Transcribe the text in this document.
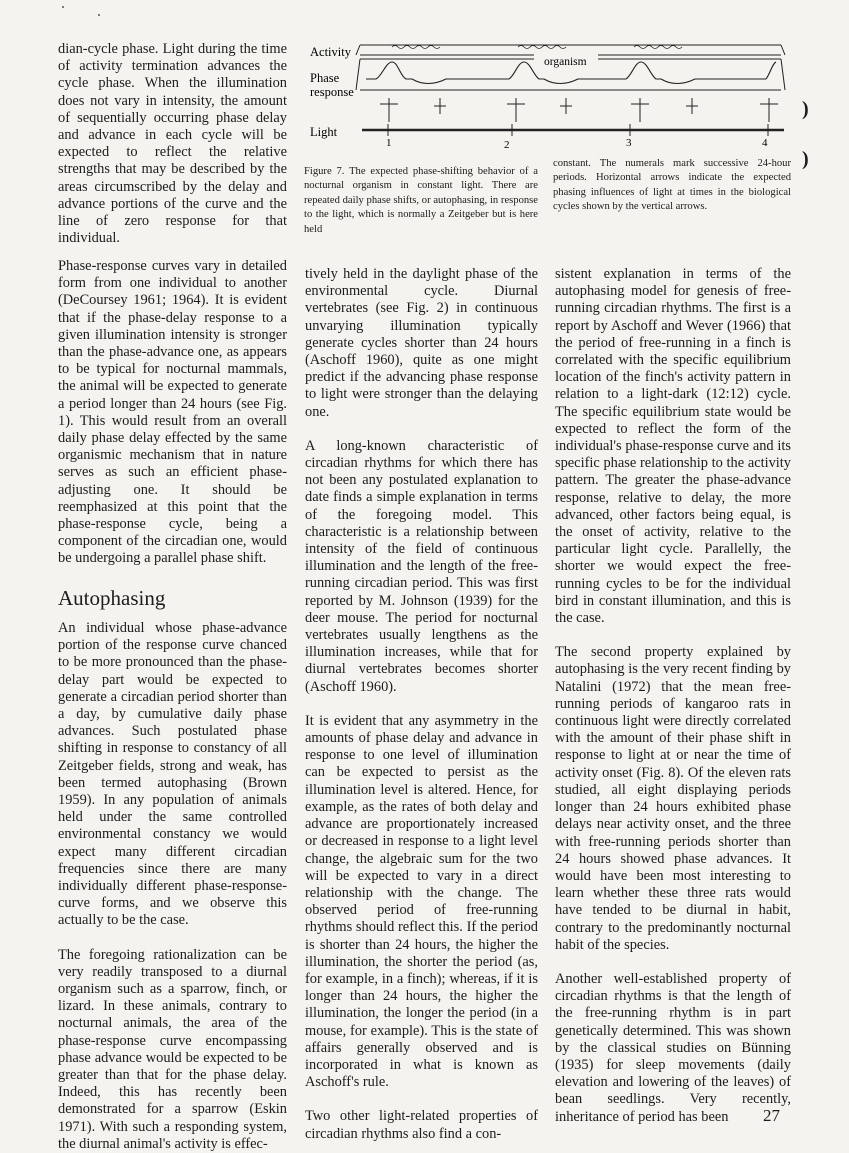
dian-cycle phase. Light during the time of activity termination advances the cycle phase. When the illumination does not vary in intensity, the amount of sequentially occurring phase delay and advance in each cycle will be expected to reflect the relative strengths that may be described by the areas circumscribed by the delay and advance portions of the curve and the line of zero response for that individual.

Activity
Phase
response
Light
organism
1	2	3	4

Figure 7. The expected phase-shifting behavior of a nocturnal organism in constant light. There are repeated daily phase shifts, or autophasing, in response to the light, which is normally a Zeitgeber but is here held

constant. The numerals mark successive 24-hour periods. Horizontal arrows indicate the expected phasing influences of light at times in the biological cycles shown by the vertical arrows.

)
)

Phase-response curves vary in detailed form from one individual to another (DeCoursey 1961; 1964). It is evident that if the phase-delay response to a given illumination intensity is stronger than the phase-advance one, as appears to be typical for nocturnal mammals, the animal will be expected to generate a period longer than 24 hours (see Fig. 1). This would result from an overall daily phase delay effected by the same organismic mechanism that in nature serves as such an efficient phase-adjusting one. It should be reemphasized at this point that the phase-response cycle, being a component of the circadian one, would be undergoing a parallel phase shift.

Autophasing

An individual whose phase-advance portion of the response curve chanced to be more pronounced than the phase-delay part would be expected to generate a circadian period shorter than a day, by cumulative daily phase advances. Such postulated phase shifting in response to constancy of all Zeitgeber fields, strong and weak, has been termed autophasing (Brown 1959). In any population of animals held under the same controlled environmental constancy we would expect many different circadian frequencies since there are many individually different phase-response-curve forms, and we observe this actually to be the case.

The foregoing rationalization can be very readily transposed to a diurnal organism such as a sparrow, finch, or lizard. In these animals, contrary to nocturnal animals, the area of the phase-response curve encompassing phase advance would be expected to be greater than that for the phase delay. Indeed, this has recently been demonstrated for a sparrow (Eskin 1971). With such a responding system, the diurnal animal's activity is effec-

tively held in the daylight phase of the environmental cycle. Diurnal vertebrates (see Fig. 2) in continuous unvarying illumination typically generate cycles shorter than 24 hours (Aschoff 1960), quite as one might predict if the advancing phase response to light were stronger than the delaying one.

A long-known characteristic of circadian rhythms for which there has not been any postulated explanation to date finds a simple explanation in terms of the foregoing model. This characteristic is a relationship between intensity of the field of continuous illumination and the length of the free-running circadian period. This was first reported by M. Johnson (1939) for the deer mouse. The period for nocturnal vertebrates usually lengthens as the illumination increases, while that for diurnal vertebrates becomes shorter (Aschoff 1960).

It is evident that any asymmetry in the amounts of phase delay and advance in response to one level of illumination can be expected to persist as the illumination level is altered. Hence, for example, as the rates of both delay and advance are proportionately increased or decreased in response to a light level change, the algebraic sum for the two will be expected to vary in a direct relationship with the change. The observed period of free-running rhythms should reflect this. If the period is shorter than 24 hours, the higher the illumination, the shorter the period (as, for example, in a finch); whereas, if it is longer than 24 hours, the higher the illumination, the longer the period (in a mouse, for example). This is the state of affairs generally observed and is incorporated in what is known as Aschoff's rule.

Two other light-related properties of circadian rhythms also find a con-

sistent explanation in terms of the autophasing model for genesis of free-running circadian rhythms. The first is a report by Aschoff and Wever (1966) that the period of free-running in a finch is correlated with the specific equilibrium location of the finch's activity pattern in relation to a light-dark (12:12) cycle. The specific equilibrium state would be expected to reflect the form of the individual's phase-response curve and its specific phase relationship to the activity pattern. The greater the phase-advance response, relative to delay, the more advanced, other factors being equal, is the onset of activity, relative to the particular light cycle. Parallelly, the shorter we would expect the free-running cycles to be for the individual bird in constant illumination, and this is the case.

The second property explained by autophasing is the very recent finding by Natalini (1972) that the mean free-running periods of kangaroo rats in continuous light were directly correlated with the amount of their phase shift in response to light at or near the time of activity onset (Fig. 8). Of the eleven rats studied, all eight displaying periods longer than 24 hours exhibited phase delays near activity onset, and the three with free-running periods shorter than 24 hours showed phase advances. It would have been most interesting to learn whether these three rats would have tended to be diurnal in habit, contrary to the predominantly nocturnal habit of the species.

Another well-established property of circadian rhythms is that the length of the free-running rhythm is in part genetically determined. This was shown by the classical studies on Bünning (1935) for sleep movements (daily elevation and lowering of the leaves) of bean seedlings. Very recently, inheritance of period has been	27
